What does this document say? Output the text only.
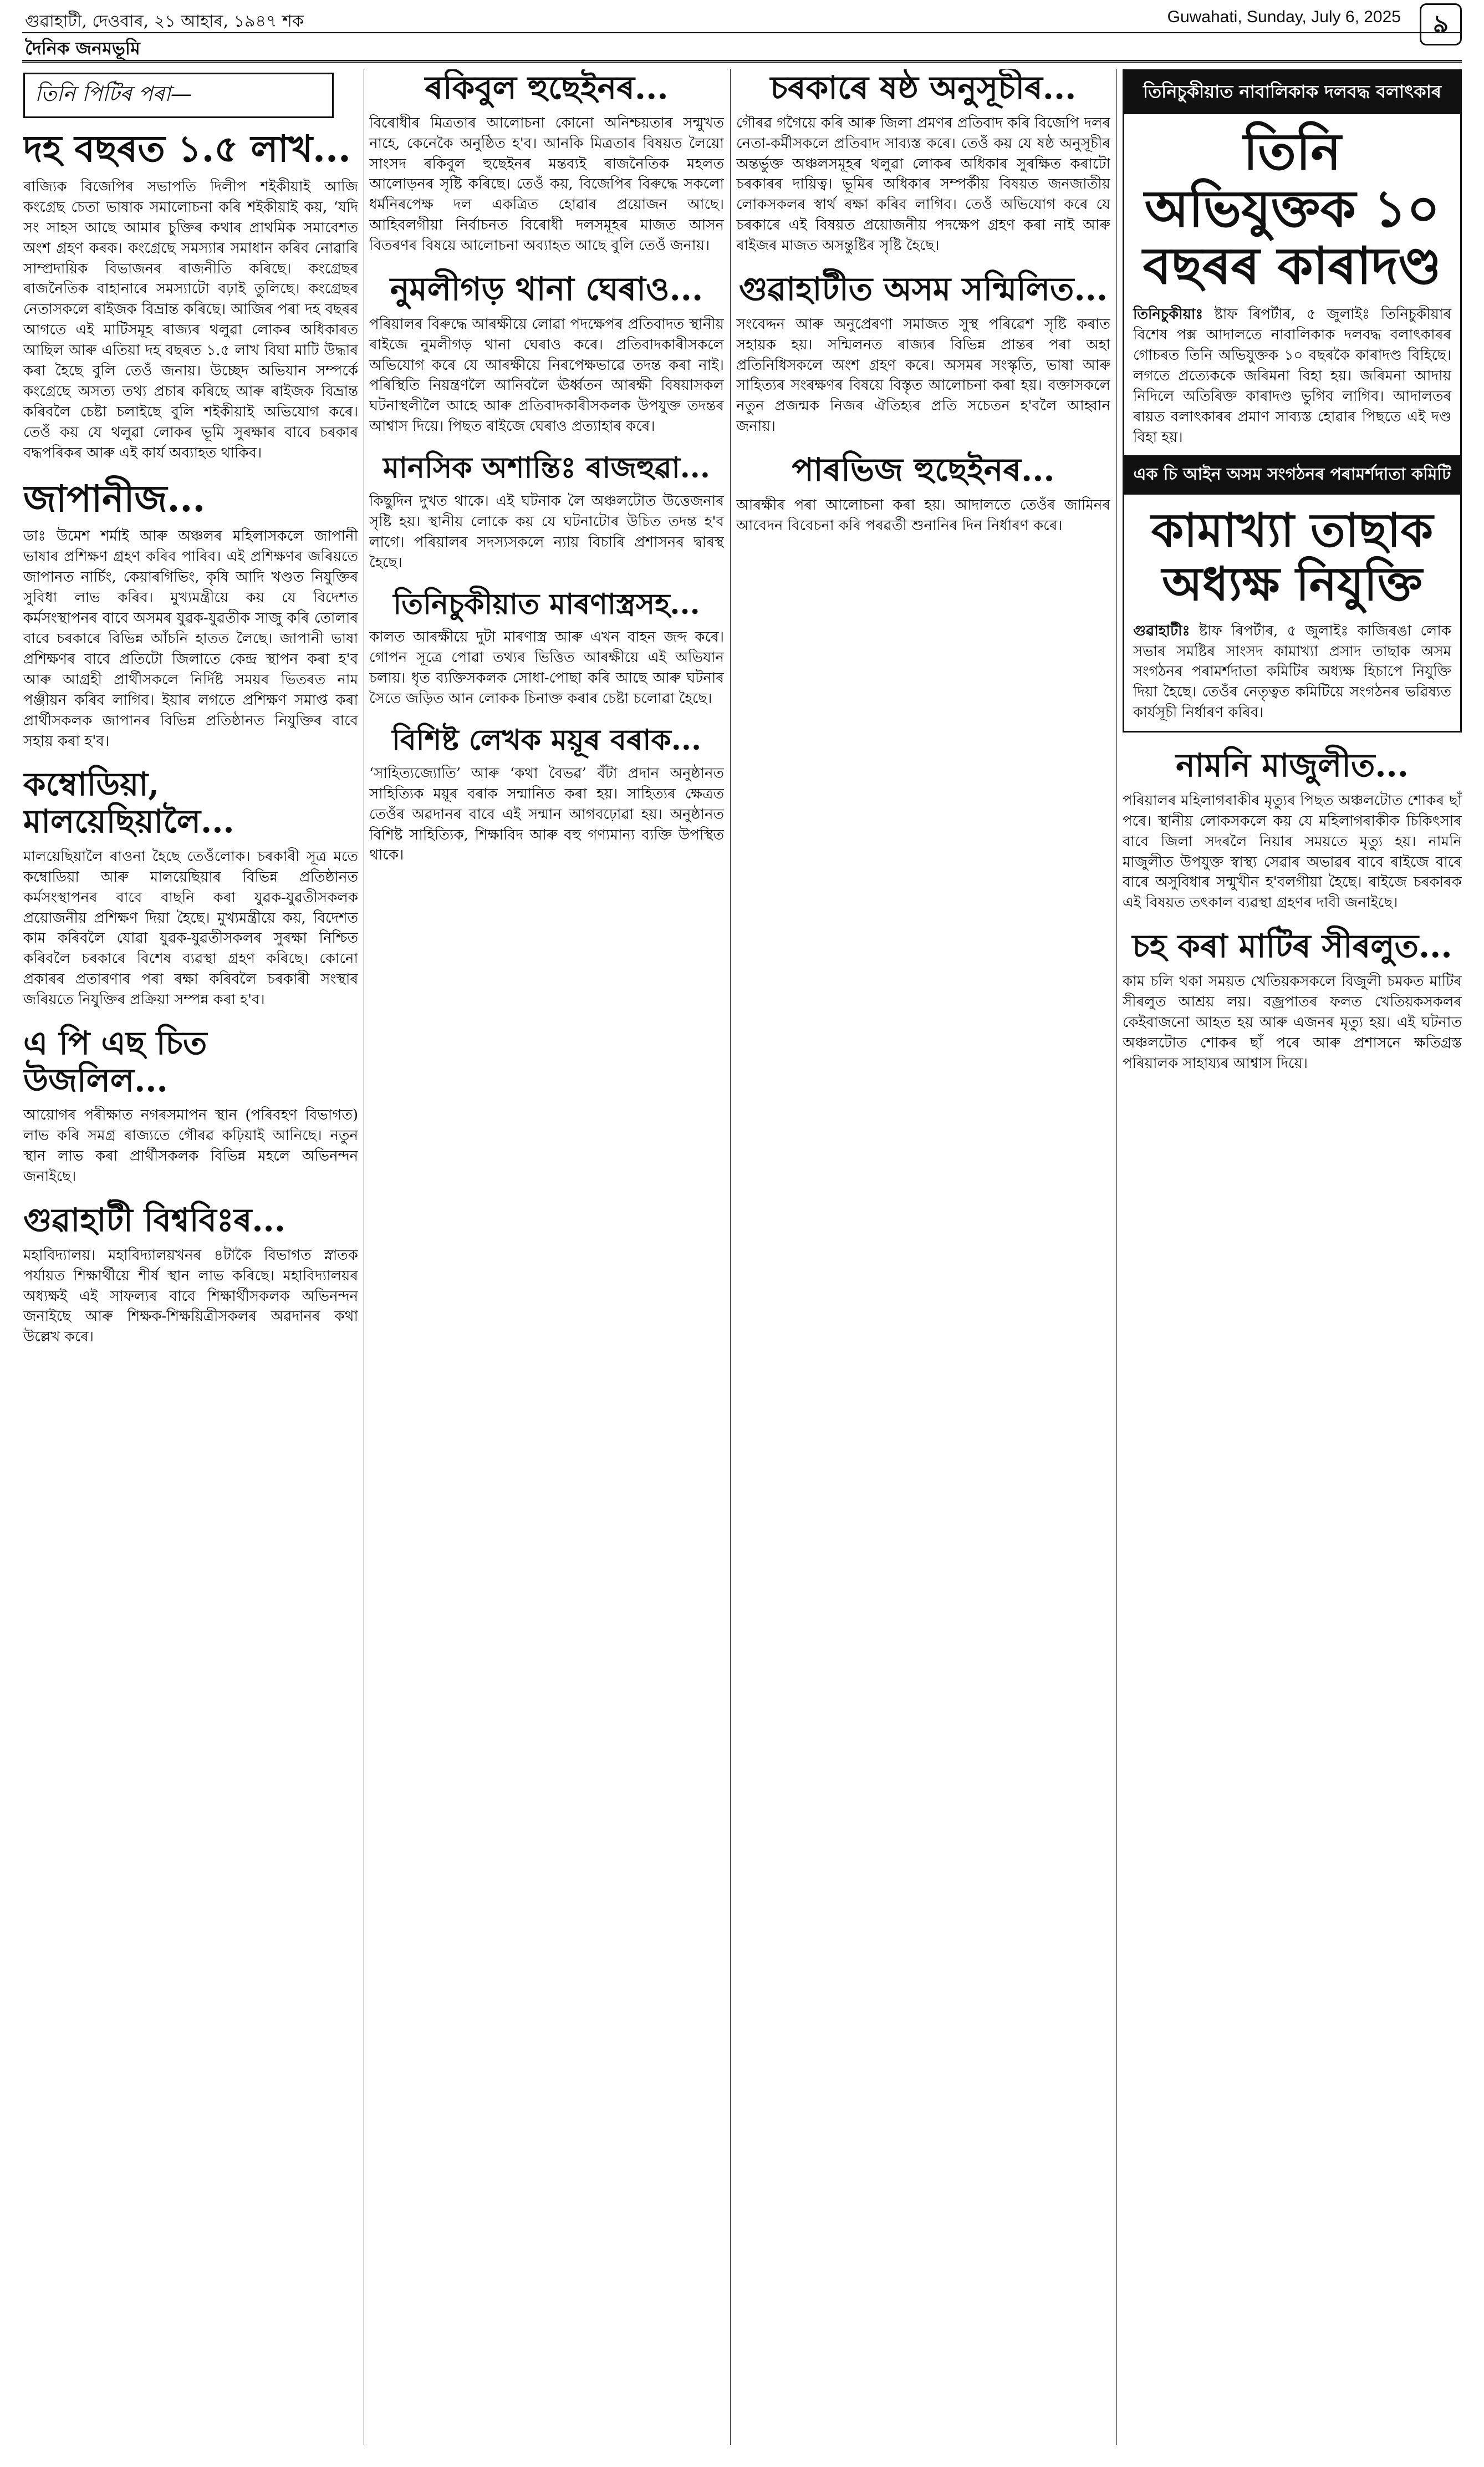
গুৱাহাটী, দেওবাৰ, ২১ আহাৰ, ১৯৪৭ শক	Guwahati, Sunday, July 6, 2025	৯
দৈনিক জনমভূমি
তিনি পিটিৰ পৰা—
দহ বছৰত ১.৫ লাখ...
ৰাজ্যিক বিজেপিৰ সভাপতি দিলীপ শইকীয়াই আজি কংগ্ৰেছ চেতা ভাষাক সমালোচনা কৰি শইকীয়াই কয়, ‘যদি সং সাহস আছে আমাৰ চুক্তিৰ কথাৰ প্ৰাথমিক সমাবেশত অংশ গ্ৰহণ কৰক। কংগ্ৰেছে সমস্যাৰ সমাধান কৰিব নোৱাৰি সাম্প্ৰদায়িক বিভাজনৰ ৰাজনীতি কৰিছে। কংগ্ৰেছৰ ৰাজনৈতিক বাহানাৰে সমস্যাটো বঢ়াই তুলিছে। কংগ্ৰেছৰ নেতাসকলে ৰাইজক বিভ্ৰান্ত কৰিছে। আজিৰ পৰা দহ বছৰৰ আগতে এই মাটিসমূহ ৰাজ্যৰ থলুৱা লোকৰ অধিকাৰত আছিল আৰু এতিয়া দহ বছৰত ১.৫ লাখ বিঘা মাটি উদ্ধাৰ কৰা হৈছে বুলি তেওঁ জনায়। উচ্ছেদ অভিযান সম্পৰ্কে কংগ্ৰেছে অসত্য তথ্য প্ৰচাৰ কৰিছে আৰু ৰাইজক বিভ্ৰান্ত কৰিবলৈ চেষ্টা চলাইছে বুলি শইকীয়াই অভিযোগ কৰে। তেওঁ কয় যে থলুৱা লোকৰ ভূমি সুৰক্ষাৰ বাবে চৰকাৰ বদ্ধপৰিকৰ আৰু এই কাৰ্য অব্যাহত থাকিব।
জাপানীজ...
ডাঃ উমেশ শৰ্মাই আৰু অঞ্চলৰ মহিলাসকলে জাপানী ভাষাৰ প্ৰশিক্ষণ গ্ৰহণ কৰিব পাৰিব। এই প্ৰশিক্ষণৰ জৰিয়তে জাপানত নাৰ্চিং, কেয়াৰগিভিং, কৃষি আদি খণ্ডত নিযুক্তিৰ সুবিধা লাভ কৰিব। মুখ্যমন্ত্ৰীয়ে কয় যে বিদেশত কৰ্মসংস্থাপনৰ বাবে অসমৰ যুৱক-যুৱতীক সাজু কৰি তোলাৰ বাবে চৰকাৰে বিভিন্ন আঁচনি হাতত লৈছে। জাপানী ভাষা প্ৰশিক্ষণৰ বাবে প্ৰতিটো জিলাতে কেন্দ্ৰ স্থাপন কৰা হ'ব আৰু আগ্ৰহী প্ৰাৰ্থীসকলে নিৰ্দিষ্ট সময়ৰ ভিতৰত নাম পঞ্জীয়ন কৰিব লাগিব। ইয়াৰ লগতে প্ৰশিক্ষণ সমাপ্ত কৰা প্ৰাৰ্থীসকলক জাপানৰ বিভিন্ন প্ৰতিষ্ঠানত নিযুক্তিৰ বাবে সহায় কৰা হ'ব।
কম্বোডিয়া, মালয়েছিয়ালৈ...
মালয়েছিয়ালৈ ৰাওনা হৈছে তেওঁলোক। চৰকাৰী সূত্ৰ মতে কম্বোডিয়া আৰু মালয়েছিয়াৰ বিভিন্ন প্ৰতিষ্ঠানত কৰ্মসংস্থাপনৰ বাবে বাছনি কৰা যুৱক-যুৱতীসকলক প্ৰয়োজনীয় প্ৰশিক্ষণ দিয়া হৈছে। মুখ্যমন্ত্ৰীয়ে কয়, বিদেশত কাম কৰিবলৈ যোৱা যুৱক-যুৱতীসকলৰ সুৰক্ষা নিশ্চিত কৰিবলৈ চৰকাৰে বিশেষ ব্যৱস্থা গ্ৰহণ কৰিছে। কোনো প্ৰকাৰৰ প্ৰতাৰণাৰ পৰা ৰক্ষা কৰিবলৈ চৰকাৰী সংস্থাৰ জৰিয়তে নিযুক্তিৰ প্ৰক্ৰিয়া সম্পন্ন কৰা হ'ব।
এ পি এছ চিত উজলিল...
আয়োগৰ পৰীক্ষাত নগৰসমাপন স্থান (পৰিবহণ বিভাগত) লাভ কৰি সমগ্ৰ ৰাজ্যতে গৌৰৱ কঢ়িয়াই আনিছে। নতুন স্থান লাভ কৰা প্ৰাৰ্থীসকলক বিভিন্ন মহলে অভিনন্দন জনাইছে।
গুৱাহাটী বিশ্ববিঃৰ...
মহাবিদ্যালয়। মহাবিদ্যালয়খনৰ ৪টাকৈ বিভাগত স্নাতক পৰ্যায়ত শিক্ষাৰ্থীয়ে শীৰ্ষ স্থান লাভ কৰিছে। মহাবিদ্যালয়ৰ অধ্যক্ষই এই সাফল্যৰ বাবে শিক্ষাৰ্থীসকলক অভিনন্দন জনাইছে আৰু শিক্ষক-শিক্ষয়িত্ৰীসকলৰ অৱদানৰ কথা উল্লেখ কৰে।
ৰকিবুল হুছেইনৰ...
বিৰোধীৰ মিত্ৰতাৰ আলোচনা কোনো অনিশ্চয়তাৰ সন্মুখত নাহে, কেনেকৈ অনুষ্ঠিত হ'ব। আনকি মিত্ৰতাৰ বিষয়ত লৈয়ো সাংসদ ৰকিবুল হুছেইনৰ মন্তব্যই ৰাজনৈতিক মহলত আলোড়নৰ সৃষ্টি কৰিছে। তেওঁ কয়, বিজেপিৰ বিৰুদ্ধে সকলো ধৰ্মনিৰপেক্ষ দল একত্ৰিত হোৱাৰ প্ৰয়োজন আছে। আহিবলগীয়া নিৰ্বাচনত বিৰোধী দলসমূহৰ মাজত আসন বিতৰণৰ বিষয়ে আলোচনা অব্যাহত আছে বুলি তেওঁ জনায়।
নুমলীগড় থানা ঘেৰাও...
পৰিয়ালৰ বিৰুদ্ধে আৰক্ষীয়ে লোৱা পদক্ষেপৰ প্ৰতিবাদত স্থানীয় ৰাইজে নুমলীগড় থানা ঘেৰাও কৰে। প্ৰতিবাদকাৰীসকলে অভিযোগ কৰে যে আৰক্ষীয়ে নিৰপেক্ষভাৱে তদন্ত কৰা নাই। পৰিস্থিতি নিয়ন্ত্ৰণলৈ আনিবলৈ ঊৰ্ধ্বতন আৰক্ষী বিষয়াসকল ঘটনাস্থলীলৈ আহে আৰু প্ৰতিবাদকাৰীসকলক উপযুক্ত তদন্তৰ আশ্বাস দিয়ে। পিছত ৰাইজে ঘেৰাও প্ৰত্যাহাৰ কৰে।
মানসিক অশান্তিঃ ৰাজহুৱা...
কিছুদিন দুখত থাকে। এই ঘটনাক লৈ অঞ্চলটোত উত্তেজনাৰ সৃষ্টি হয়। স্থানীয় লোকে কয় যে ঘটনাটোৰ উচিত তদন্ত হ'ব লাগে। পৰিয়ালৰ সদস্যসকলে ন্যায় বিচাৰি প্ৰশাসনৰ দ্বাৰস্থ হৈছে।
তিনিচুকীয়াত মাৰণাস্ত্ৰসহ...
কালত আৰক্ষীয়ে দুটা মাৰণাস্ত্ৰ আৰু এখন বাহন জব্দ কৰে। গোপন সূত্ৰে পোৱা তথ্যৰ ভিত্তিত আৰক্ষীয়ে এই অভিযান চলায়। ধৃত ব্যক্তিসকলক সোধা-পোছা কৰি আছে আৰু ঘটনাৰ সৈতে জড়িত আন লোকক চিনাক্ত কৰাৰ চেষ্টা চলোৱা হৈছে।
বিশিষ্ট লেখক ময়ূৰ বৰাক...
‘সাহিত্যজ্যোতি’ আৰু ‘কথা বৈভৱ’ বঁটা প্ৰদান অনুষ্ঠানত সাহিত্যিক ময়ূৰ বৰাক সন্মানিত কৰা হয়। সাহিত্যৰ ক্ষেত্ৰত তেওঁৰ অৱদানৰ বাবে এই সন্মান আগবঢ়োৱা হয়। অনুষ্ঠানত বিশিষ্ট সাহিত্যিক, শিক্ষাবিদ আৰু বহু গণ্যমান্য ব্যক্তি উপস্থিত থাকে।
চৰকাৰে ষষ্ঠ অনুসূচীৰ...
গৌৰৱ গগৈয়ে কৰি আৰু জিলা প্ৰমণৰ প্ৰতিবাদ কৰি বিজেপি দলৰ নেতা-কৰ্মীসকলে প্ৰতিবাদ সাব্যস্ত কৰে। তেওঁ কয় যে ষষ্ঠ অনুসূচীৰ অন্তৰ্ভুক্ত অঞ্চলসমূহৰ থলুৱা লোকৰ অধিকাৰ সুৰক্ষিত কৰাটো চৰকাৰৰ দায়িত্ব। ভূমিৰ অধিকাৰ সম্পৰ্কীয় বিষয়ত জনজাতীয় লোকসকলৰ স্বাৰ্থ ৰক্ষা কৰিব লাগিব। তেওঁ অভিযোগ কৰে যে চৰকাৰে এই বিষয়ত প্ৰয়োজনীয় পদক্ষেপ গ্ৰহণ কৰা নাই আৰু ৰাইজৰ মাজত অসন্তুষ্টিৰ সৃষ্টি হৈছে।
গুৱাহাটীত অসম সন্মিলিত...
সংবেদ্দন আৰু অনুপ্ৰেৰণা সমাজত সুস্থ পৰিৱেশ সৃষ্টি কৰাত সহায়ক হয়। সন্মিলনত ৰাজ্যৰ বিভিন্ন প্ৰান্তৰ পৰা অহা প্ৰতিনিধিসকলে অংশ গ্ৰহণ কৰে। অসমৰ সংস্কৃতি, ভাষা আৰু সাহিত্যৰ সংৰক্ষণৰ বিষয়ে বিস্তৃত আলোচনা কৰা হয়। বক্তাসকলে নতুন প্ৰজন্মক নিজৰ ঐতিহ্যৰ প্ৰতি সচেতন হ'বলৈ আহ্বান জনায়।
পাৰভিজ হুছেইনৰ...
আৰক্ষীৰ পৰা আলোচনা কৰা হয়। আদালতে তেওঁৰ জামিনৰ আবেদন বিবেচনা কৰি পৰৱৰ্তী শুনানিৰ দিন নিৰ্ধাৰণ কৰে।
তিনিচুকীয়াত নাবালিকাক দলবদ্ধ বলাৎকাৰ
তিনি অভিযুক্তক ১০ বছৰৰ কাৰাদণ্ড
তিনিচুকীয়াঃ ষ্টাফ ৰিপৰ্টাৰ, ৫ জুলাইঃ তিনিচুকীয়াৰ বিশেষ পক্স আদালতে নাবালিকাক দলবদ্ধ বলাৎকাৰৰ গোচৰত তিনি অভিযুক্তক ১০ বছৰকৈ কাৰাদণ্ড বিহিছে। লগতে প্ৰত্যেককে জৰিমনা বিহা হয়। জৰিমনা আদায় নিদিলে অতিৰিক্ত কাৰাদণ্ড ভুগিব লাগিব। আদালতৰ ৰায়ত বলাৎকাৰৰ প্ৰমাণ সাব্যস্ত হোৱাৰ পিছতে এই দণ্ড বিহা হয়।
এক চি আইন অসম সংগঠনৰ পৰামৰ্শদাতা কমিটি
কামাখ্যা তাছাক অধ্যক্ষ নিযুক্তি
গুৱাহাটীঃ ষ্টাফ ৰিপৰ্টাৰ, ৫ জুলাইঃ কাজিৰঙা লোক সভাৰ সমষ্টিৰ সাংসদ কামাখ্যা প্ৰসাদ তাছাক অসম সংগঠনৰ পৰামৰ্শদাতা কমিটিৰ অধ্যক্ষ হিচাপে নিযুক্তি দিয়া হৈছে। তেওঁৰ নেতৃত্বত কমিটিয়ে সংগঠনৰ ভৱিষ্যত কাৰ্যসূচী নিৰ্ধাৰণ কৰিব।
নামনি মাজুলীত...
পৰিয়ালৰ মহিলাগৰাকীৰ মৃত্যুৰ পিছত অঞ্চলটোত শোকৰ ছাঁ পৰে। স্থানীয় লোকসকলে কয় যে মহিলাগৰাকীক চিকিৎসাৰ বাবে জিলা সদৰলৈ নিয়াৰ সময়তে মৃত্যু হয়। নামনি মাজুলীত উপযুক্ত স্বাস্থ্য সেৱাৰ অভাৱৰ বাবে ৰাইজে বাৰে বাৰে অসুবিধাৰ সন্মুখীন হ'বলগীয়া হৈছে। ৰাইজে চৰকাৰক এই বিষয়ত তৎকাল ব্যৱস্থা গ্ৰহণৰ দাবী জনাইছে।
চহ কৰা মাটিৰ সীৰলুত...
কাম চলি থকা সময়ত খেতিয়কসকলে বিজুলী চমকত মাটিৰ সীৰলুত আশ্ৰয় লয়। বজ্ৰপাতৰ ফলত খেতিয়কসকলৰ কেইবাজনো আহত হয় আৰু এজনৰ মৃত্যু হয়। এই ঘটনাত অঞ্চলটোত শোকৰ ছাঁ পৰে আৰু প্ৰশাসনে ক্ষতিগ্ৰস্ত পৰিয়ালক সাহায্যৰ আশ্বাস দিয়ে।
